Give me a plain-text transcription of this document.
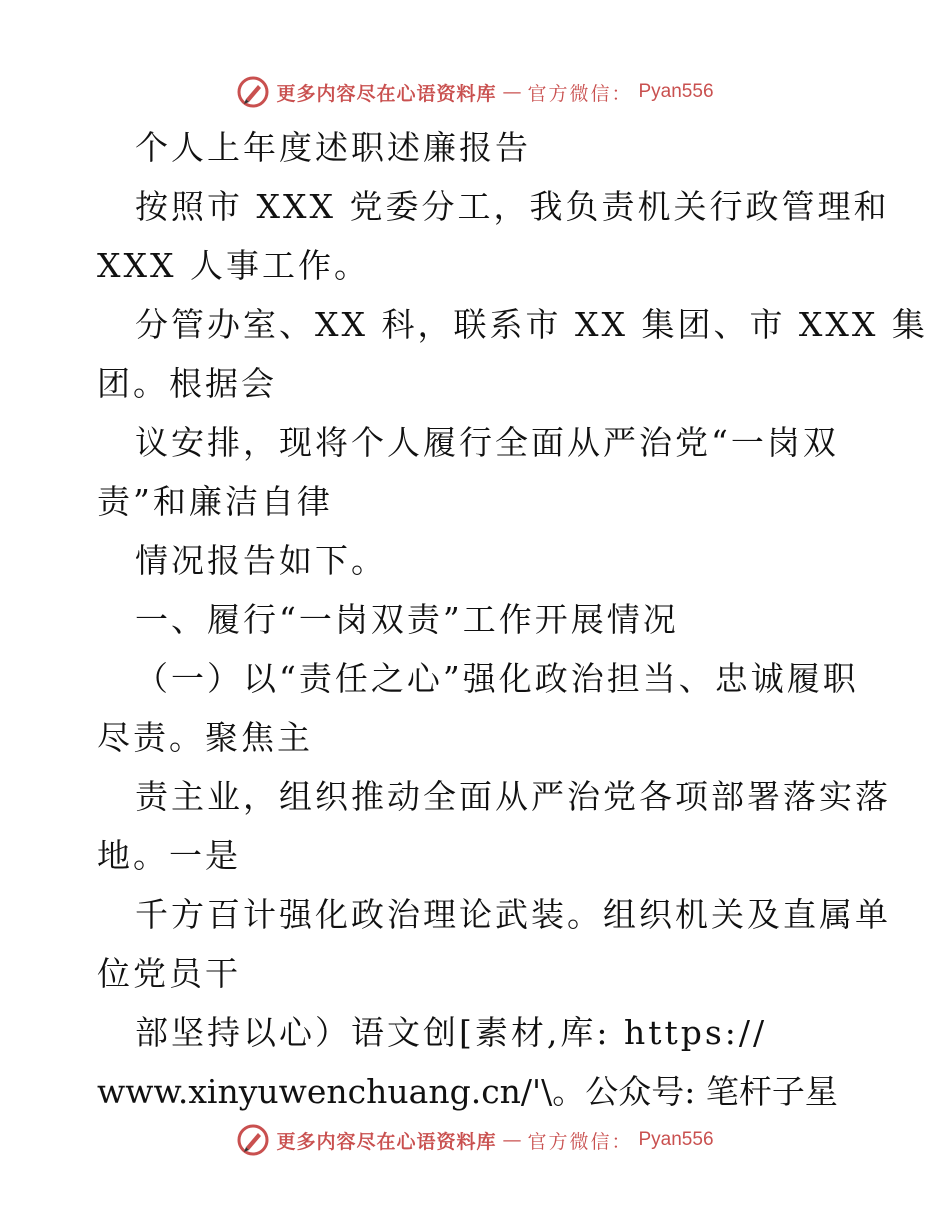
更多内容尽在心语资料库 — 官方微信： Pyan556
个人上年度述职述廉报告
按照市 XXX 党委分工，我负责机关行政管理和
XXX 人事工作。
分管办室、XX 科，联系市 XX 集团、市 XXX 集
团。根据会
议安排，现将个人履行全面从严治党“一岗双
责”和廉洁自律
情况报告如下。
一、履行“一岗双责”工作开展情况
（一）以“责任之心”强化政治担当、忠诚履职
尽责。聚焦主
责主业，组织推动全面从严治党各项部署落实落
地。一是
千方百计强化政治理论武装。组织机关及直属单
位党员干
部坚持以心）语文创[素材,库: https://
www.xinyuwenchuang.cn/'\。公众号: 笔杆子星
更多内容尽在心语资料库 — 官方微信： Pyan556
